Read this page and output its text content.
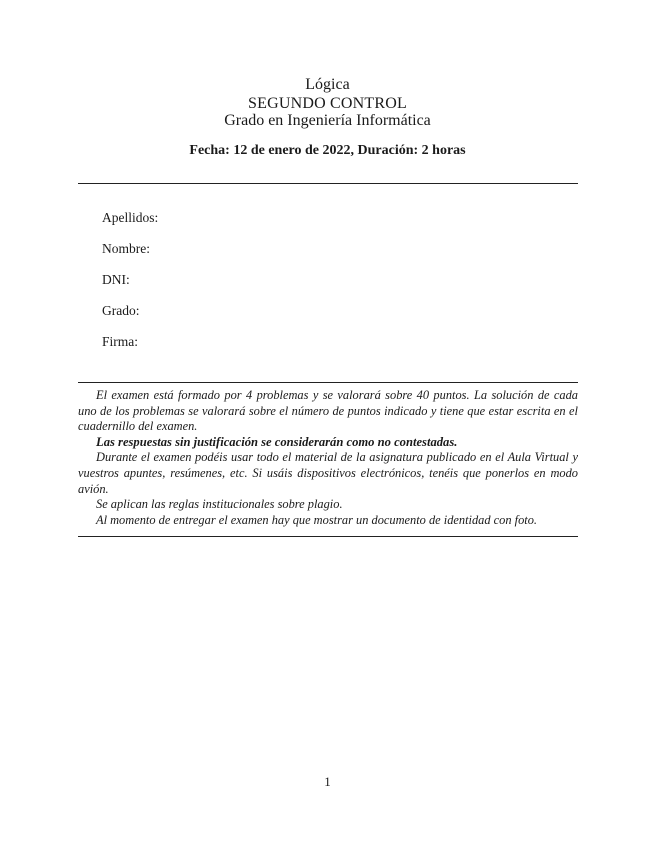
Lógica
SEGUNDO CONTROL
Grado en Ingeniería Informática
Fecha: 12 de enero de 2022, Duración: 2 horas
Apellidos:
Nombre:
DNI:
Grado:
Firma:

El examen está formado por 4 problemas y se valorará sobre 40 puntos. La solución de cada uno de los problemas se valorará sobre el número de puntos indicado y tiene que estar escrita en el cuadernillo del examen.

Las respuestas sin justificación se considerarán como no contestadas.

Durante el examen podéis usar todo el material de la asignatura publicado en el Aula Virtual y vuestros apuntes, resúmenes, etc. Si usáis dispositivos electrónicos, tenéis que ponerlos en modo avión.

Se aplican las reglas institucionales sobre plagio.

Al momento de entregar el examen hay que mostrar un documento de identidad con foto.

1
